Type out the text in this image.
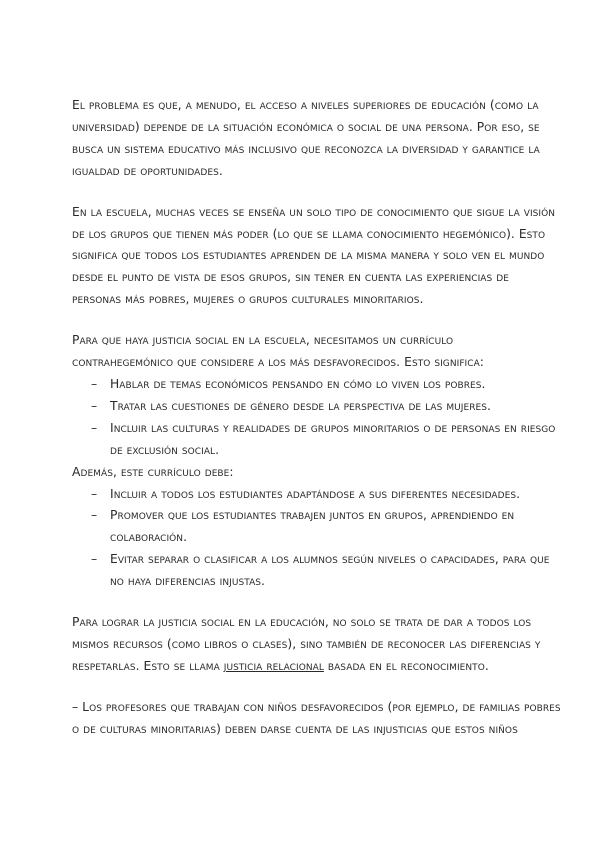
El problema es que, a menudo, el acceso a niveles superiores de educación (como la
universidad) depende de la situación económica o social de una persona. Por eso, se
busca un sistema educativo más inclusivo que reconozca la diversidad y garantice la
igualdad de oportunidades.
En la escuela, muchas veces se enseña un solo tipo de conocimiento que sigue la visión
de los grupos que tienen más poder (lo que se llama conocimiento hegemónico). Esto
significa que todos los estudiantes aprenden de la misma manera y solo ven el mundo
desde el punto de vista de esos grupos, sin tener en cuenta las experiencias de
personas más pobres, mujeres o grupos culturales minoritarios.
Para que haya justicia social en la escuela, necesitamos un currículo
contrahegemónico que considere a los más desfavorecidos. Esto significa:
– Hablar de temas económicos pensando en cómo lo viven los pobres.
– Tratar las cuestiones de género desde la perspectiva de las mujeres.
– Incluir las culturas y realidades de grupos minoritarios o de personas en riesgo
de exclusión social.
Además, este currículo debe:
– Incluir a todos los estudiantes adaptándose a sus diferentes necesidades.
– Promover que los estudiantes trabajen juntos en grupos, aprendiendo en
colaboración.
– Evitar separar o clasificar a los alumnos según niveles o capacidades, para que
no haya diferencias injustas.
Para lograr la justicia social en la educación, no solo se trata de dar a todos los
mismos recursos (como libros o clases), sino también de reconocer las diferencias y
respetarlas. Esto se llama justicia relacional basada en el reconocimiento.
– Los profesores que trabajan con niños desfavorecidos (por ejemplo, de familias pobres
o de culturas minoritarias) deben darse cuenta de las injusticias que estos niños
